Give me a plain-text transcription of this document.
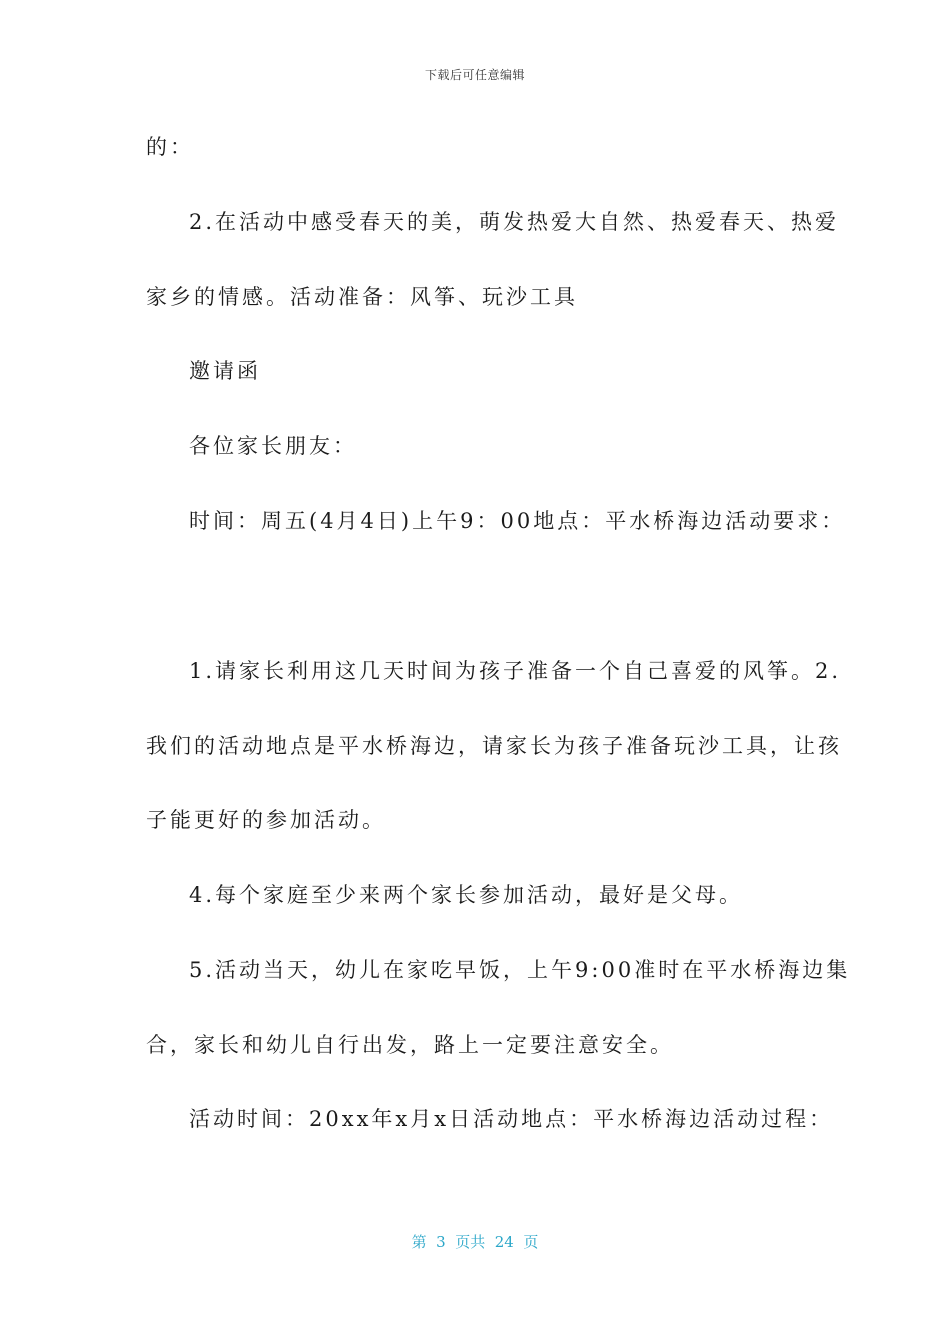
下载后可任意编辑
的：
2.在活动中感受春天的美，萌发热爱大自然、热爱春天、热爱
家乡的情感。活动准备：风筝、玩沙工具
邀请函
各位家长朋友：
时间：周五(4月4日)上午9：00地点：平水桥海边活动要求：
1.请家长利用这几天时间为孩子准备一个自己喜爱的风筝。2.
我们的活动地点是平水桥海边，请家长为孩子准备玩沙工具，让孩
子能更好的参加活动。
4.每个家庭至少来两个家长参加活动，最好是父母。
5.活动当天，幼儿在家吃早饭，上午9:00准时在平水桥海边集
合，家长和幼儿自行出发，路上一定要注意安全。
活动时间：20xx年x月x日活动地点：平水桥海边活动过程：
第  3  页共  24  页
